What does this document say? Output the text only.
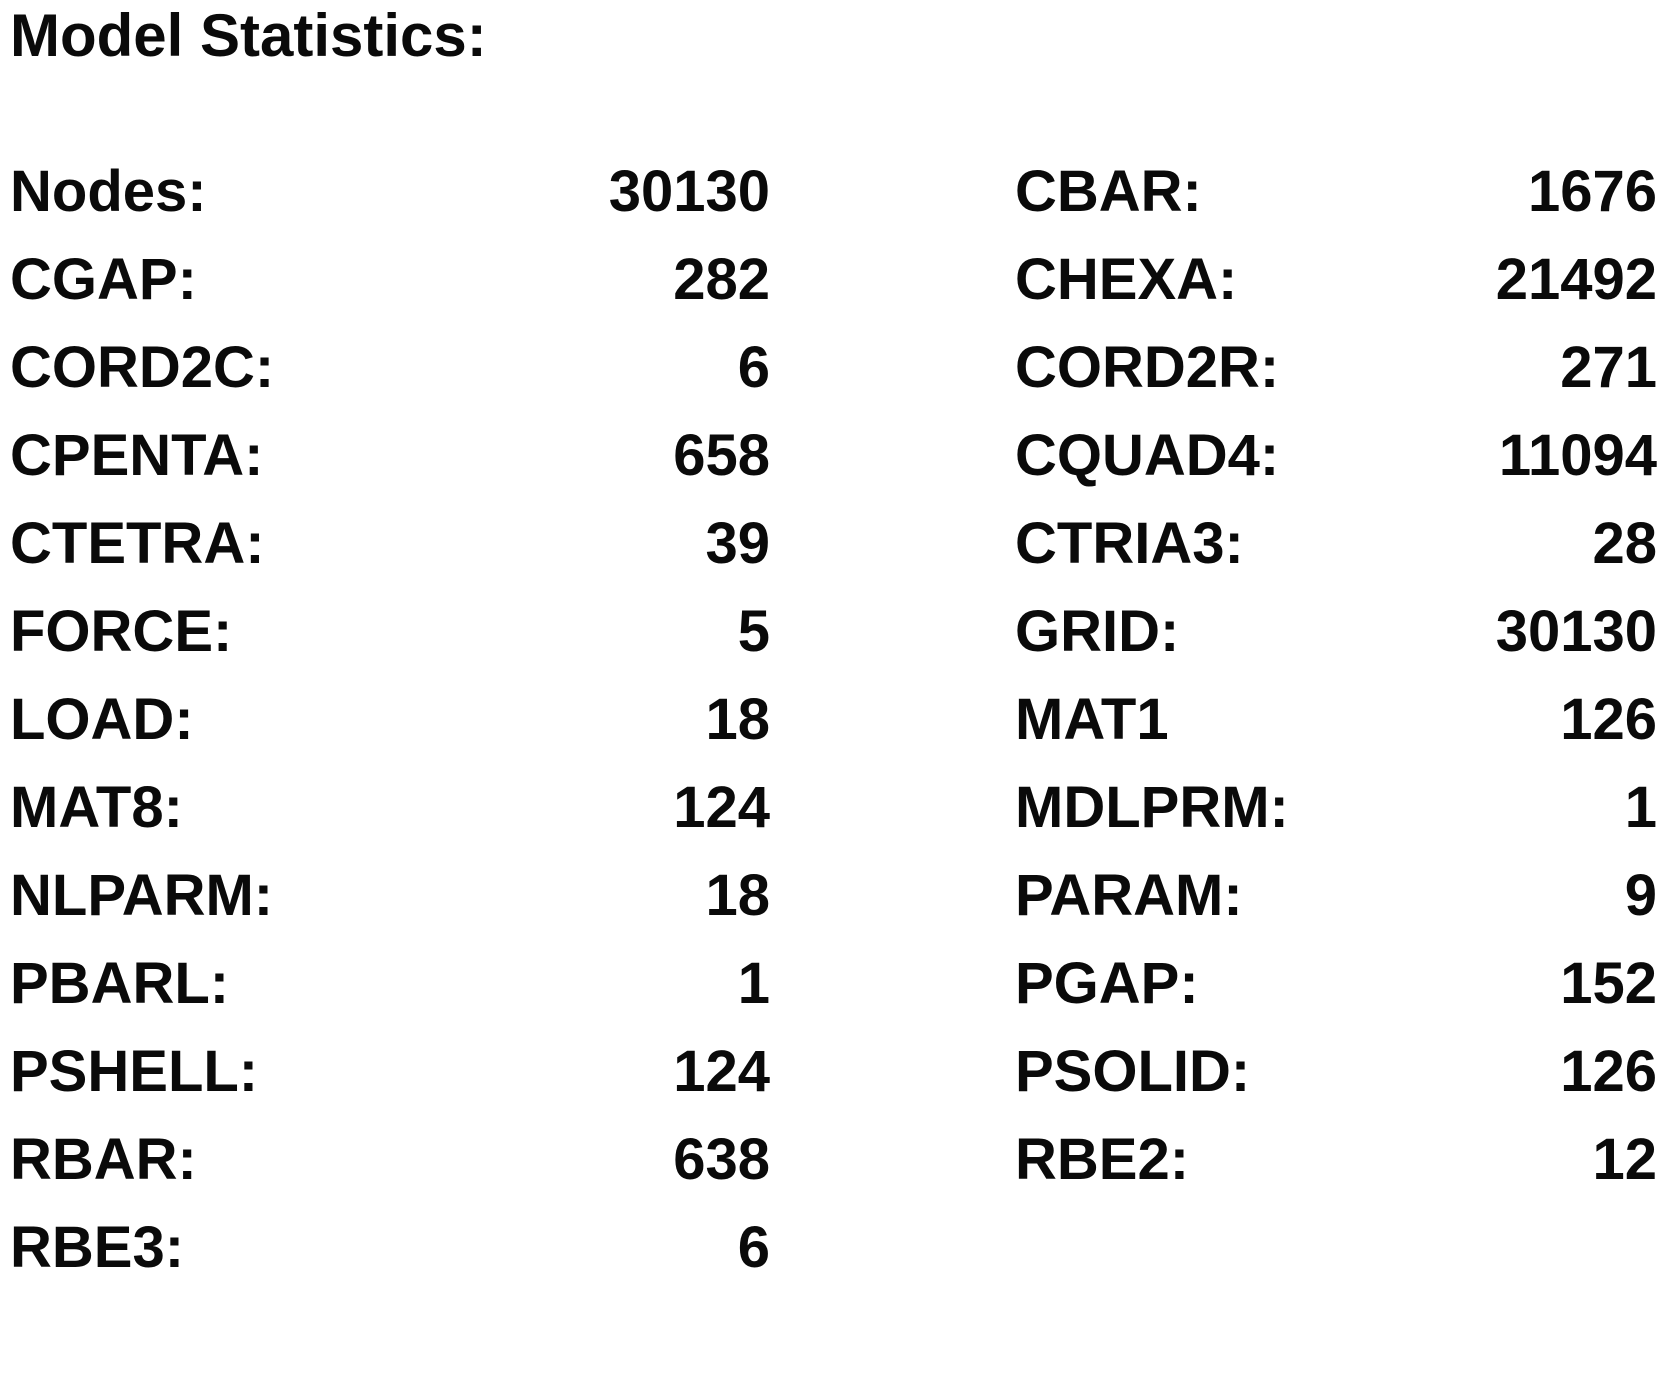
Model Statistics:
Nodes:	30130
CGAP:	282
CORD2C:	6
CPENTA:	658
CTETRA:	39
FORCE:	5
LOAD:	18
MAT8:	124
NLPARM:	18
PBARL:	1
PSHELL:	124
RBAR:	638
RBE3:	6
CBAR:	1676
CHEXA:	21492
CORD2R:	271
CQUAD4:	11094
CTRIA3:	28
GRID:	30130
MAT1	126
MDLPRM:	1
PARAM:	9
PGAP:	152
PSOLID:	126
RBE2:	12
